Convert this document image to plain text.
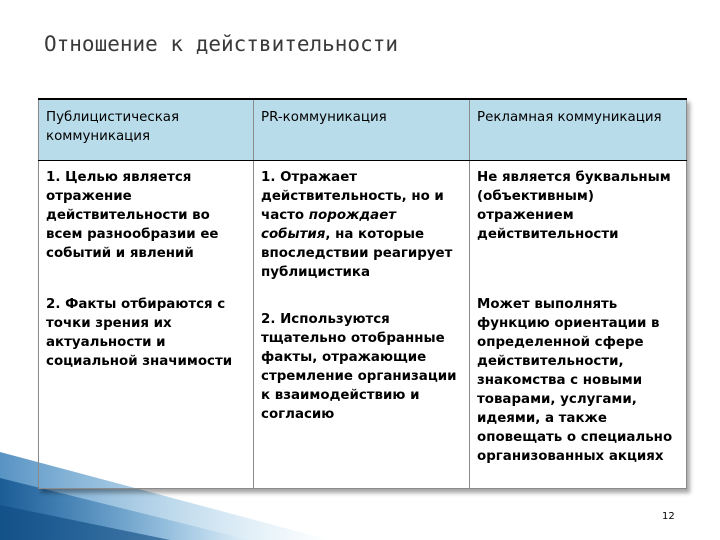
Отношение к действительности
Публицистическая коммуникация	PR-коммуникация	Рекламная коммуникация
1. Целью является отражение действительности во всем разнообразии ее событий и явлений	1. Отражает действительность, но и часто порождает события, на которые впоследствии реагирует публицистика	Не является буквальным (объективным) отражением действительности
2. Факты отбираются с точки зрения их актуальности и социальной значимости	2. Используются тщательно отобранные факты, отражающие стремление организации к взаимодействию и согласию	Может выполнять функцию ориентации в определенной сфере действительности, знакомства с новыми товарами, услугами, идеями, а также оповещать о специально организованных акциях
12
